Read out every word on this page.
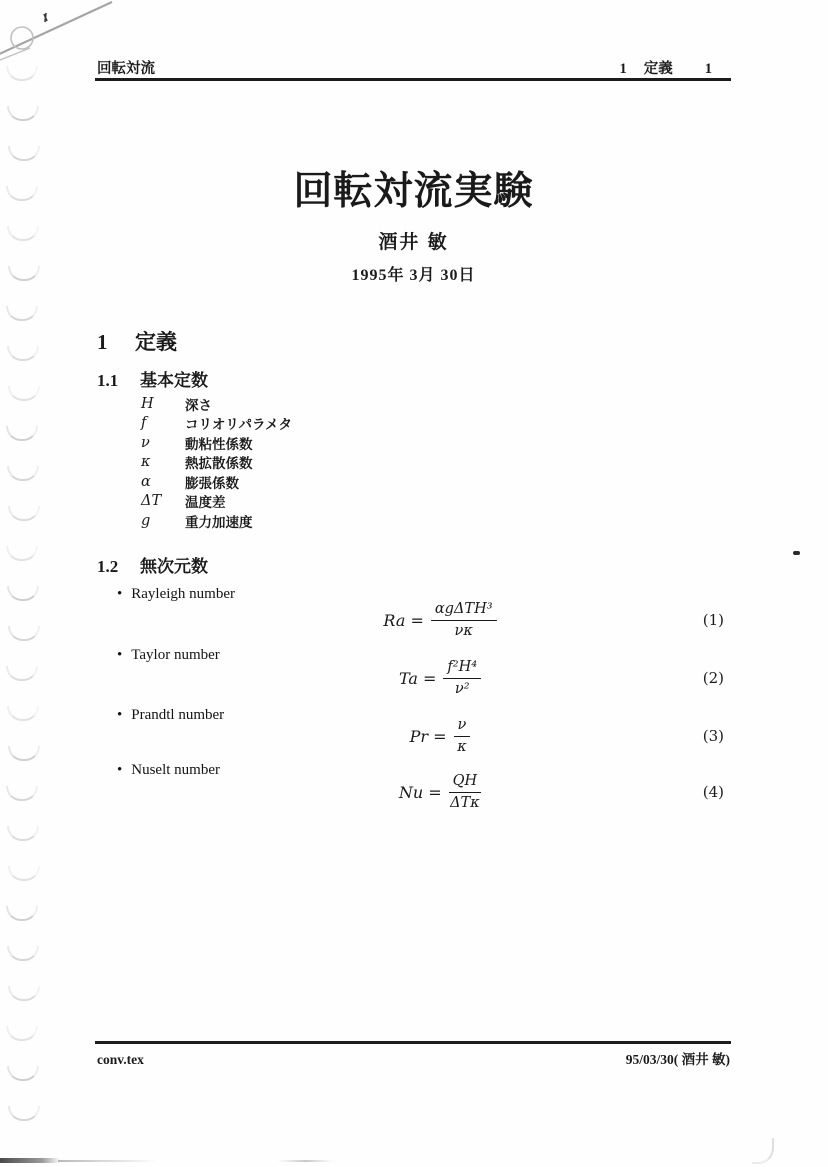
回転対流	1 定義 1
回転対流実験
酒井 敏
1995年 3月 30日
1 定義
1.1 基本定数
H	深さ
f	コリオリパラメタ
ν	動粘性係数
κ	熱拡散係数
α	膨張係数
ΔT	温度差
g	重力加速度
1.2 無次元数
•
Rayleigh number
$Ra = \frac{\text{αgΔTH³}}{\nu\kappa}$	(1)
•
Taylor number
$Ta = \frac{\text{f²H⁴}}{\text{ν²}}$	(2)
•
Prandtl number
$Pr = \frac{\nu}{\kappa}$	(3)
•
Nuselt number
$Nu = \frac{QH}{\text{ΔTκ}}$	(4)
conv.tex	95/03/30( 酒井 敏)
